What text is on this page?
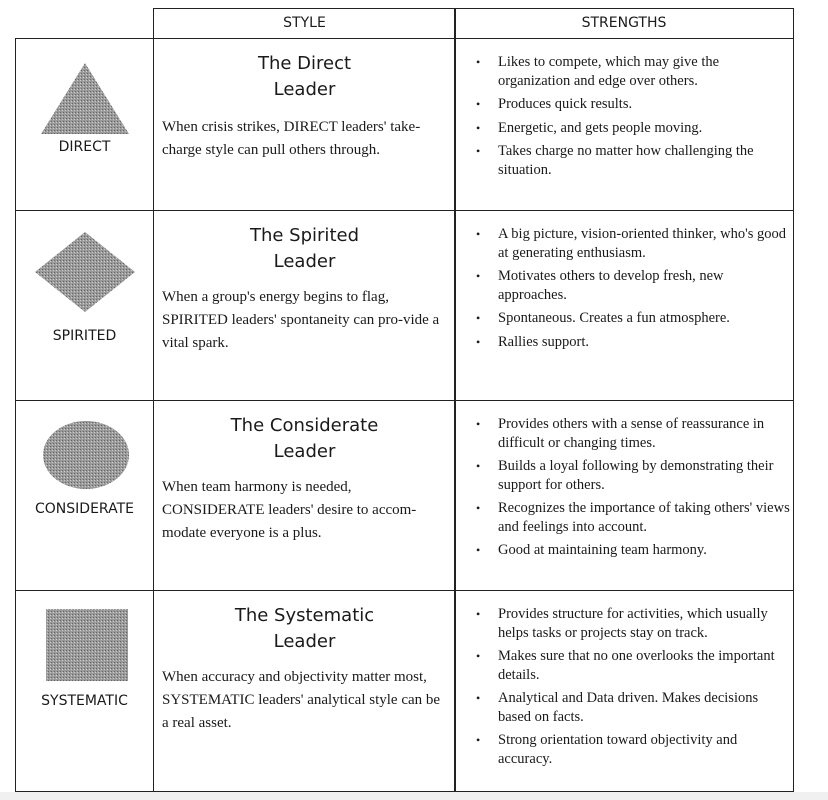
STYLE	STRENGTHS
DIRECT
The Direct
Leader
When crisis strikes, DIRECT leaders' take-charge style can pull others through.
• Likes to compete, which may give the organization and edge over others.
• Produces quick results.
• Energetic, and gets people moving.
• Takes charge no matter how challenging the situation.
SPIRITED
The Spirited
Leader
When a group's energy begins to flag, SPIRITED leaders' spontaneity can pro-vide a vital spark.
• A big picture, vision-oriented thinker, who's good at generating enthusiasm.
• Motivates others to develop fresh, new approaches.
• Spontaneous. Creates a fun atmosphere.
• Rallies support.
CONSIDERATE
The Considerate
Leader
When team harmony is needed, CONSIDERATE leaders' desire to accom-modate everyone is a plus.
• Provides others with a sense of reassurance in difficult or changing times.
• Builds a loyal following by demonstrating their support for others.
• Recognizes the importance of taking others' views and feelings into account.
• Good at maintaining team harmony.
SYSTEMATIC
The Systematic
Leader
When accuracy and objectivity matter most, SYSTEMATIC leaders' analytical style can be a real asset.
• Provides structure for activities, which usually helps tasks or projects stay on track.
• Makes sure that no one overlooks the important details.
• Analytical and Data driven. Makes decisions based on facts.
• Strong orientation toward objectivity and accuracy.
